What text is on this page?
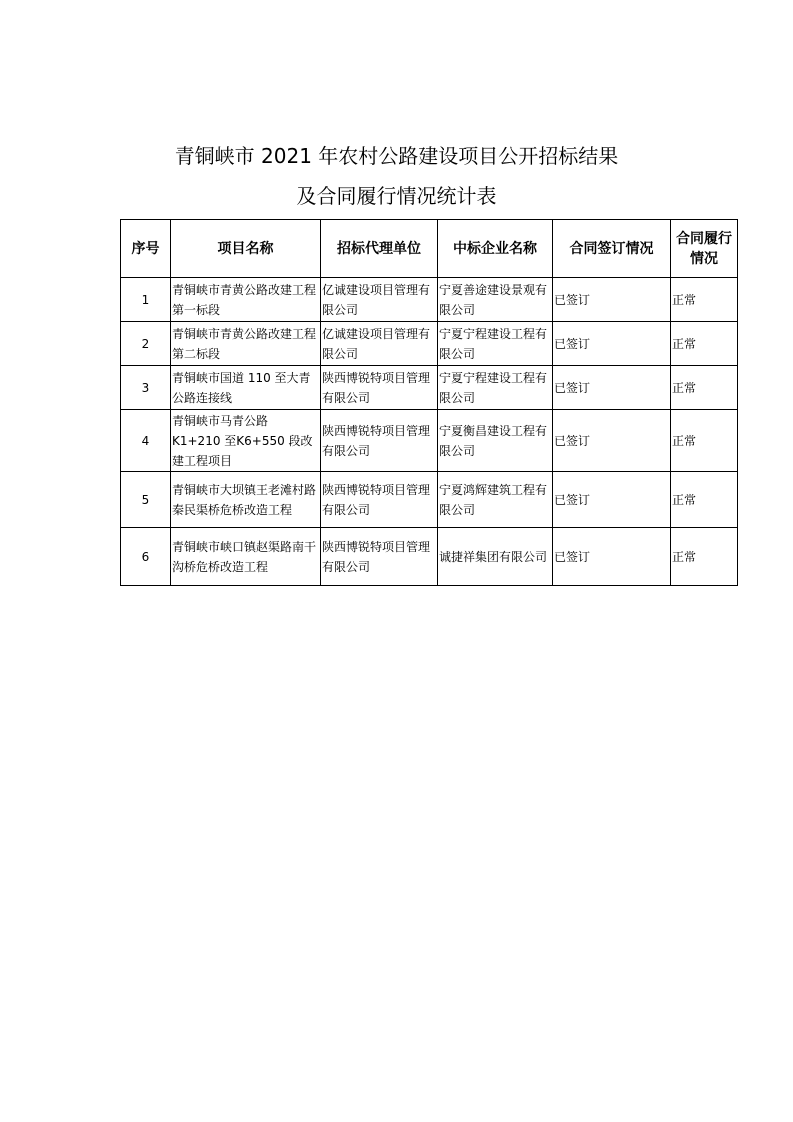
青铜峡市 2021 年农村公路建设项目公开招标结果
及合同履行情况统计表
序号	项目名称	招标代理单位	中标企业名称	合同签订情况	合同履行情况
1	青铜峡市青黄公路改建工程第一标段	亿诚建设项目管理有限公司	宁夏善途建设景观有限公司	已签订	正常
2	青铜峡市青黄公路改建工程第二标段	亿诚建设项目管理有限公司	宁夏宁程建设工程有限公司	已签订	正常
3	青铜峡市国道 110 至大青公路连接线	陕西博锐特项目管理有限公司	宁夏宁程建设工程有限公司	已签订	正常
4	青铜峡市马青公路 K1+210 至K6+550 段改建工程项目	陕西博锐特项目管理有限公司	宁夏衡昌建设工程有限公司	已签订	正常
5	青铜峡市大坝镇王老滩村路秦民渠桥危桥改造工程	陕西博锐特项目管理有限公司	宁夏鸿辉建筑工程有限公司	已签订	正常
6	青铜峡市峡口镇赵渠路南干沟桥危桥改造工程	陕西博锐特项目管理有限公司	诚捷祥集团有限公司	已签订	正常
